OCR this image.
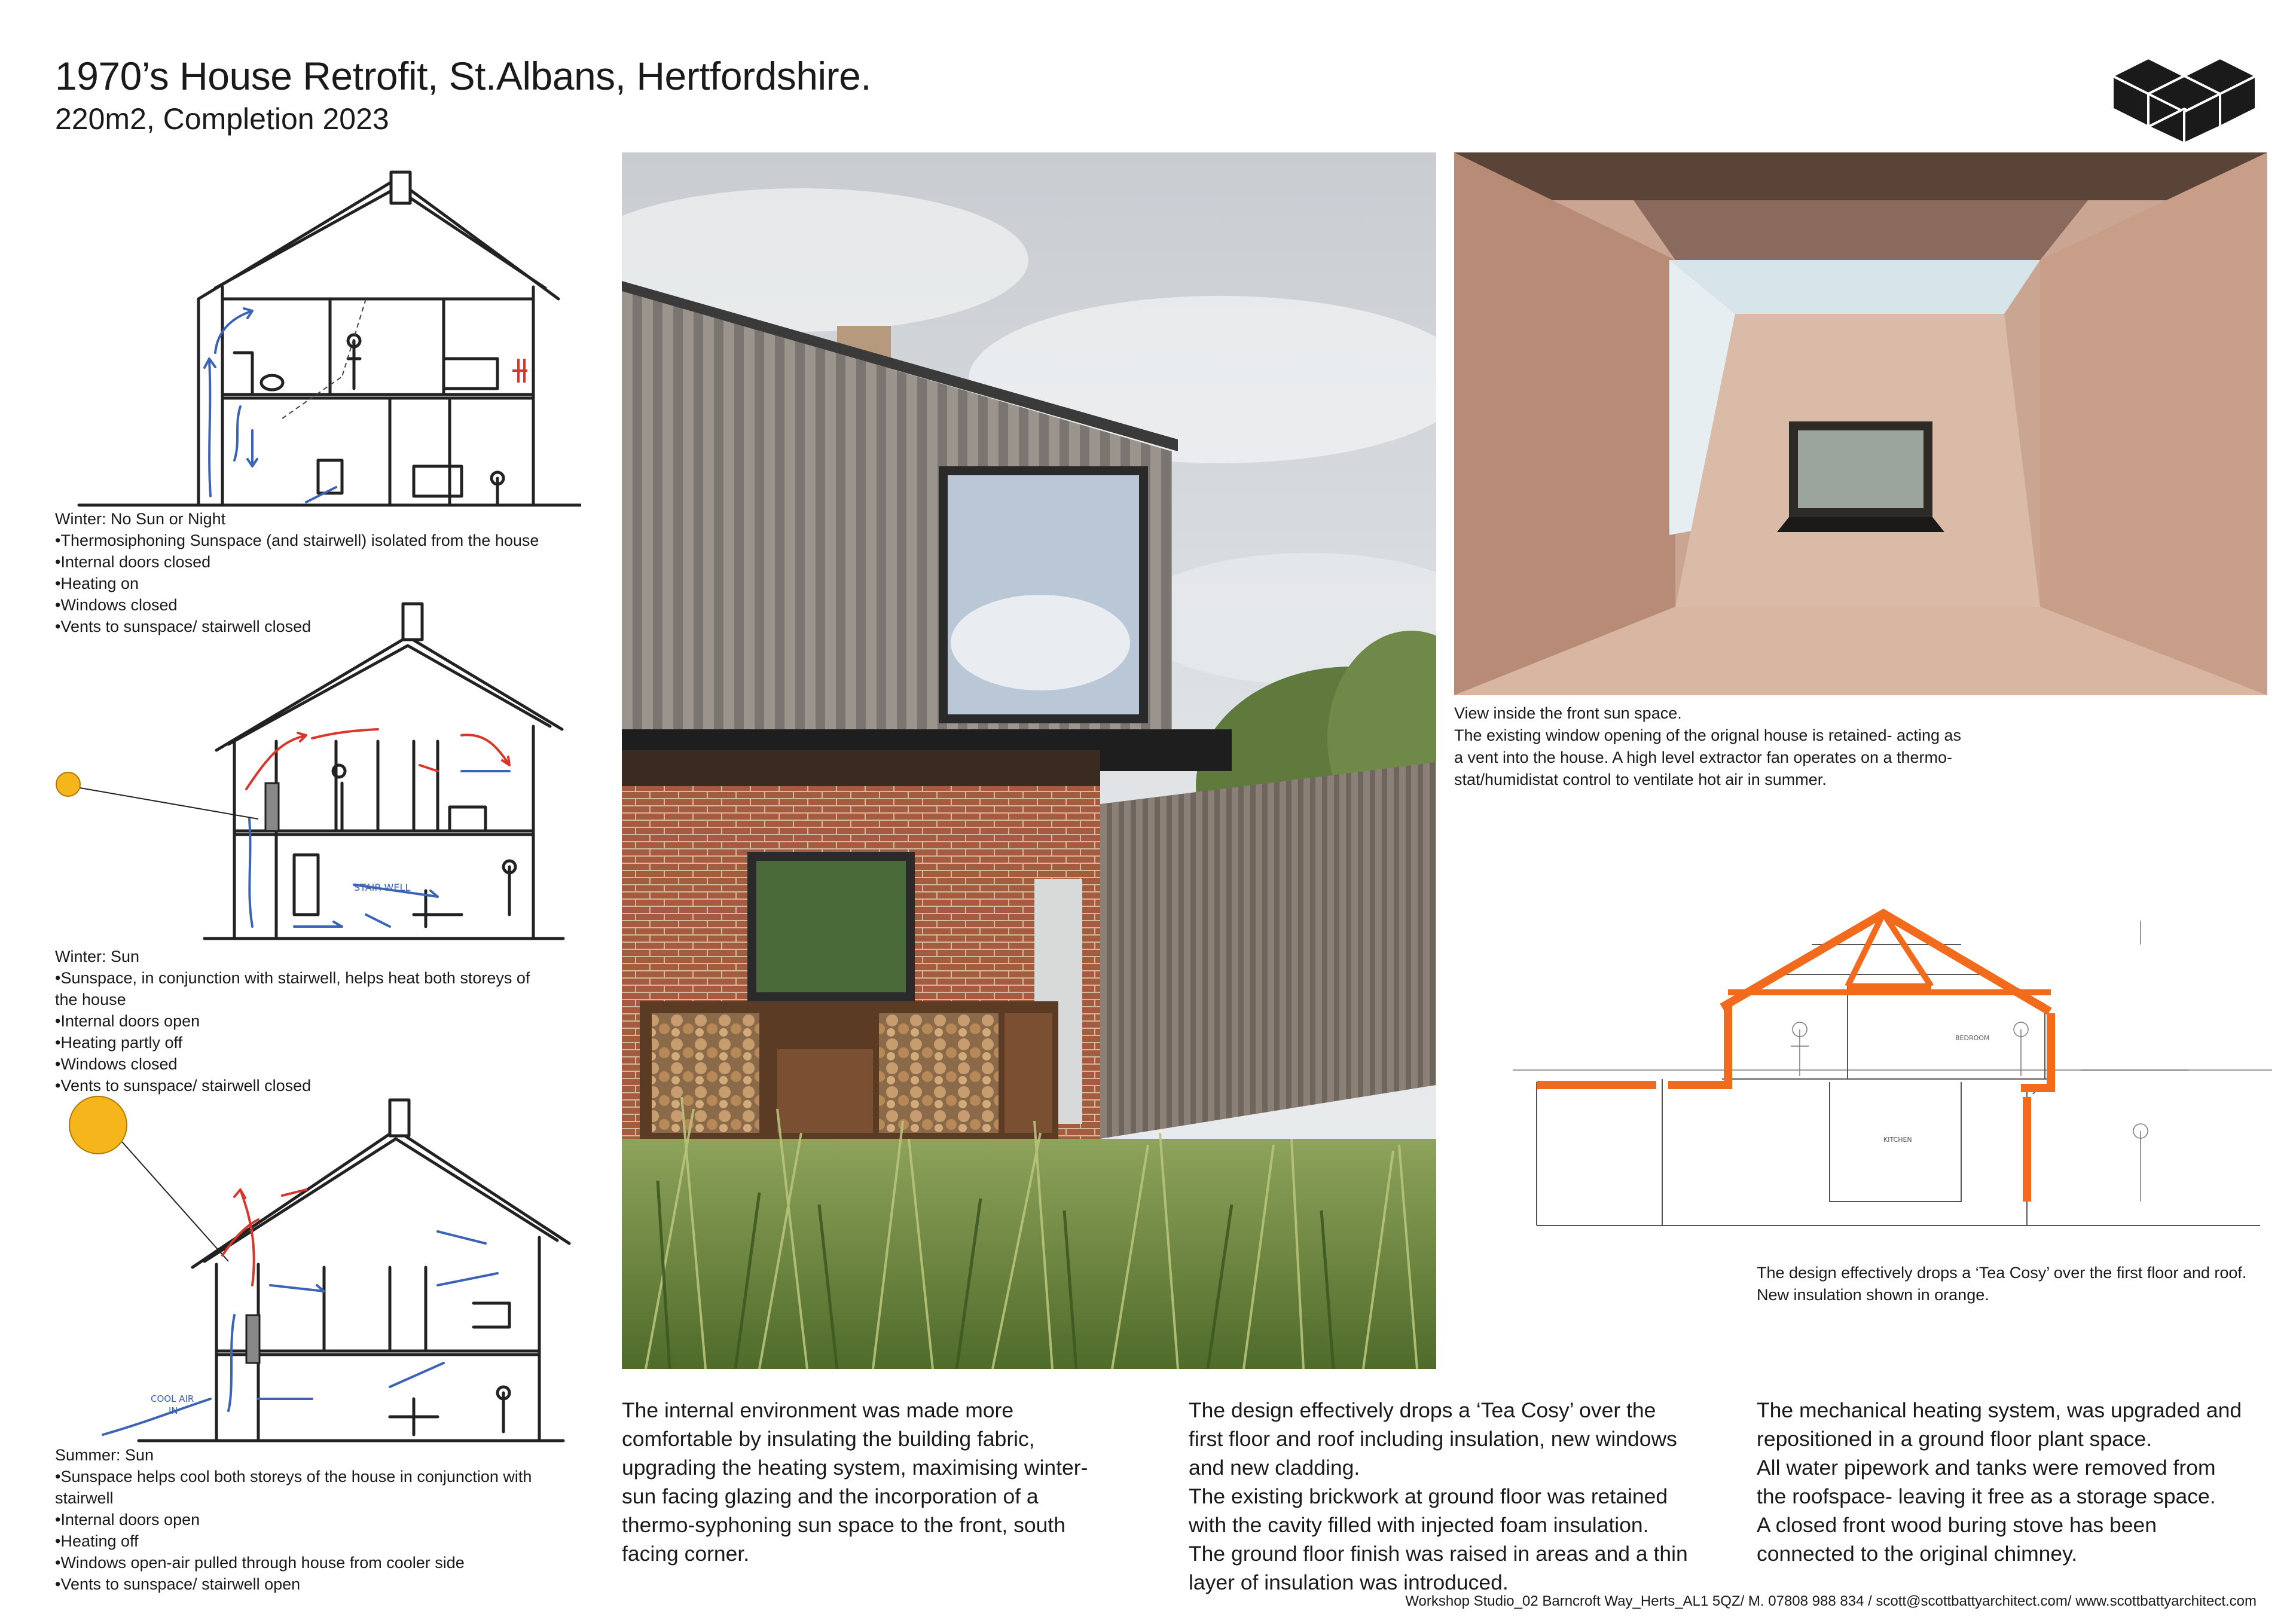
1970’s House Retrofit, St.Albans, Hertfordshire.
220m2, Completion 2023
Winter: No Sun or Night
•Thermosiphoning Sunspace (and stairwell) isolated from the house
•Internal doors closed
•Heating on
•Windows closed
•Vents to sunspace/ stairwell closed
STAIR WELL
Winter: Sun
•Sunspace, in conjunction with stairwell, helps heat both storeys of
the house
•Internal doors open
•Heating partly off
•Windows closed
•Vents to sunspace/ stairwell closed
COOL AIR
IN
Summer: Sun
•Sunspace helps cool both storeys of the house in conjunction with
stairwell
•Internal doors open
•Heating off
•Windows open-air pulled through house from cooler side
•Vents to sunspace/ stairwell open
View inside the front sun space.
The existing window opening of the orignal house is retained- acting as
a vent into the house. A high level extractor fan operates on a thermo-
stat/humidistat control to ventilate hot air in summer.
KITCHEN
BEDROOM
The design effectively drops a ‘Tea Cosy’ over the first floor and roof.
New insulation shown in orange.
The internal environment was made more
comfortable by insulating the building fabric,
upgrading the heating system, maximising winter-
sun facing glazing and the incorporation of a
thermo-syphoning sun space to the front, south
facing corner.
The design effectively drops a ‘Tea Cosy’ over the
first floor and roof including insulation, new windows
and new cladding.
The existing brickwork at ground floor was retained
with the cavity filled with injected foam insulation.
The ground floor finish was raised in areas and a thin
layer of insulation was introduced.
The mechanical heating system, was upgraded and
repositioned in a ground floor plant space.
All water pipework and tanks were removed from
the roofspace- leaving it free as a storage space.
A closed front wood buring stove has been
connected to the original chimney.
Workshop Studio_02 Barncroft Way_Herts_AL1 5QZ/ M. 07808 988 834 / scott@scottbattyarchitect.com/ www.scottbattyarchitect.com
